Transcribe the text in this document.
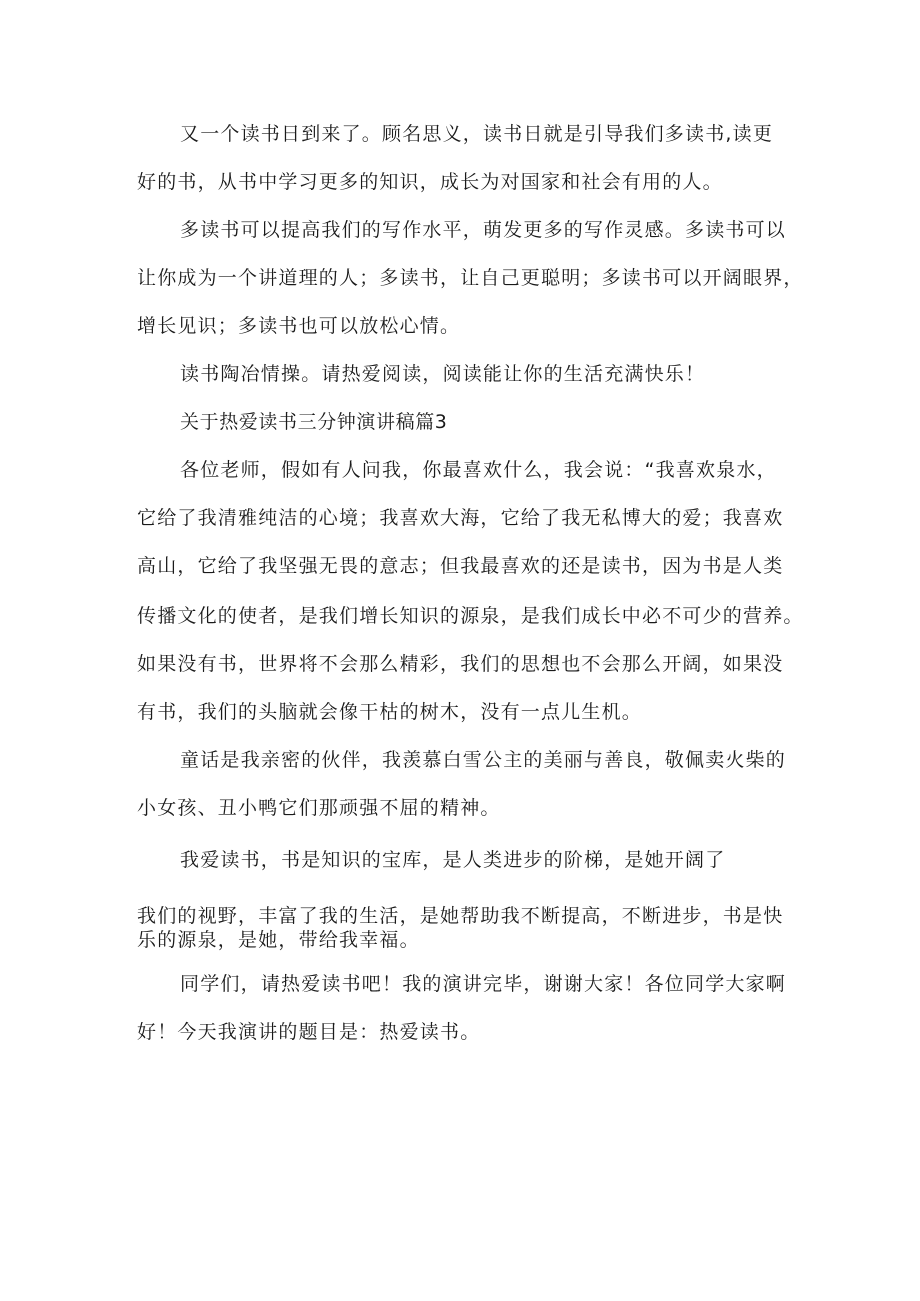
又一个读书日到来了。顾名思义，读书日就是引导我们多读书,读更
好的书，从书中学习更多的知识，成长为对国家和社会有用的人。
多读书可以提高我们的写作水平，萌发更多的写作灵感。多读书可以
让你成为一个讲道理的人；多读书，让自己更聪明；多读书可以开阔眼界，
增长见识；多读书也可以放松心情。
读书陶冶情操。请热爱阅读，阅读能让你的生活充满快乐！
关于热爱读书三分钟演讲稿篇3
各位老师，假如有人问我，你最喜欢什么，我会说：“我喜欢泉水，
它给了我清雅纯洁的心境；我喜欢大海，它给了我无私博大的爱；我喜欢
高山，它给了我坚强无畏的意志；但我最喜欢的还是读书，因为书是人类
传播文化的使者，是我们增长知识的源泉，是我们成长中必不可少的营养。
如果没有书，世界将不会那么精彩，我们的思想也不会那么开阔，如果没
有书，我们的头脑就会像干枯的树木，没有一点儿生机。
童话是我亲密的伙伴，我羡慕白雪公主的美丽与善良，敬佩卖火柴的
小女孩、丑小鸭它们那顽强不屈的精神。
我爱读书，书是知识的宝库，是人类进步的阶梯，是她开阔了
我们的视野，丰富了我的生活，是她帮助我不断提高，不断进步，书是快
乐的源泉，是她，带给我幸福。
同学们，请热爱读书吧！我的演讲完毕，谢谢大家！各位同学大家啊
好！今天我演讲的题目是：热爱读书。
